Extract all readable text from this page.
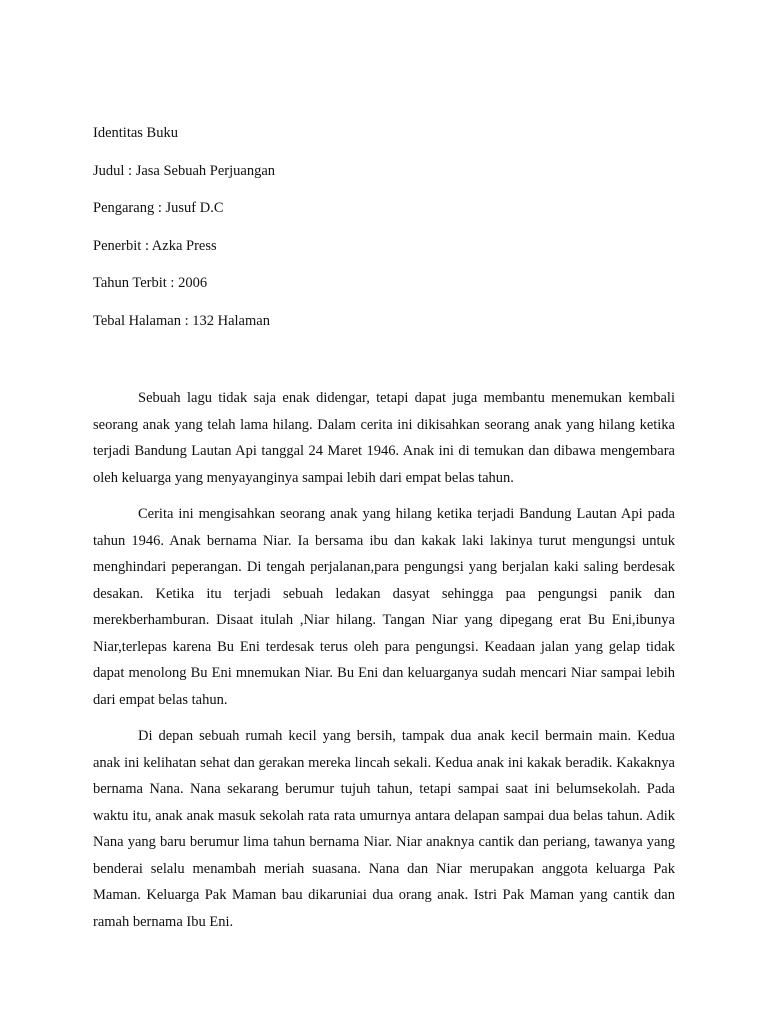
Identitas Buku

Judul : Jasa Sebuah Perjuangan

Pengarang : Jusuf D.C

Penerbit : Azka Press

Tahun Terbit : 2006

Tebal Halaman : 132 Halaman

Sebuah lagu tidak saja enak didengar, tetapi dapat juga membantu menemukan kembali seorang anak yang telah lama hilang. Dalam cerita ini dikisahkan seorang anak yang hilang ketika terjadi Bandung Lautan Api tanggal 24 Maret 1946. Anak ini di temukan dan dibawa mengembara oleh keluarga yang menyayanginya sampai lebih dari empat belas tahun.

Cerita ini mengisahkan seorang anak yang hilang ketika terjadi Bandung Lautan Api pada tahun 1946. Anak bernama Niar. Ia bersama ibu dan kakak laki lakinya turut mengungsi untuk menghindari peperangan. Di tengah perjalanan,para pengungsi yang berjalan kaki saling berdesak desakan. Ketika itu terjadi sebuah ledakan dasyat sehingga paa pengungsi panik dan merekberhamburan. Disaat itulah ,Niar hilang. Tangan Niar yang dipegang erat Bu Eni,ibunya Niar,terlepas karena Bu Eni terdesak terus oleh para pengungsi. Keadaan jalan yang gelap tidak dapat menolong Bu Eni mnemukan Niar. Bu Eni dan keluarganya sudah mencari Niar sampai lebih dari empat belas tahun.

Di depan sebuah rumah kecil yang bersih, tampak dua anak kecil bermain main. Kedua anak ini kelihatan sehat dan gerakan mereka lincah sekali. Kedua anak ini kakak beradik. Kakaknya bernama Nana. Nana sekarang berumur tujuh tahun, tetapi sampai saat ini belumsekolah. Pada waktu itu, anak anak masuk sekolah rata rata umurnya antara delapan sampai dua belas tahun. Adik Nana yang baru berumur lima tahun bernama Niar. Niar anaknya cantik dan periang, tawanya yang benderai selalu menambah meriah suasana. Nana dan Niar merupakan anggota keluarga Pak Maman. Keluarga Pak Maman bau dikaruniai dua orang anak. Istri Pak Maman yang cantik dan ramah bernama Ibu Eni.
